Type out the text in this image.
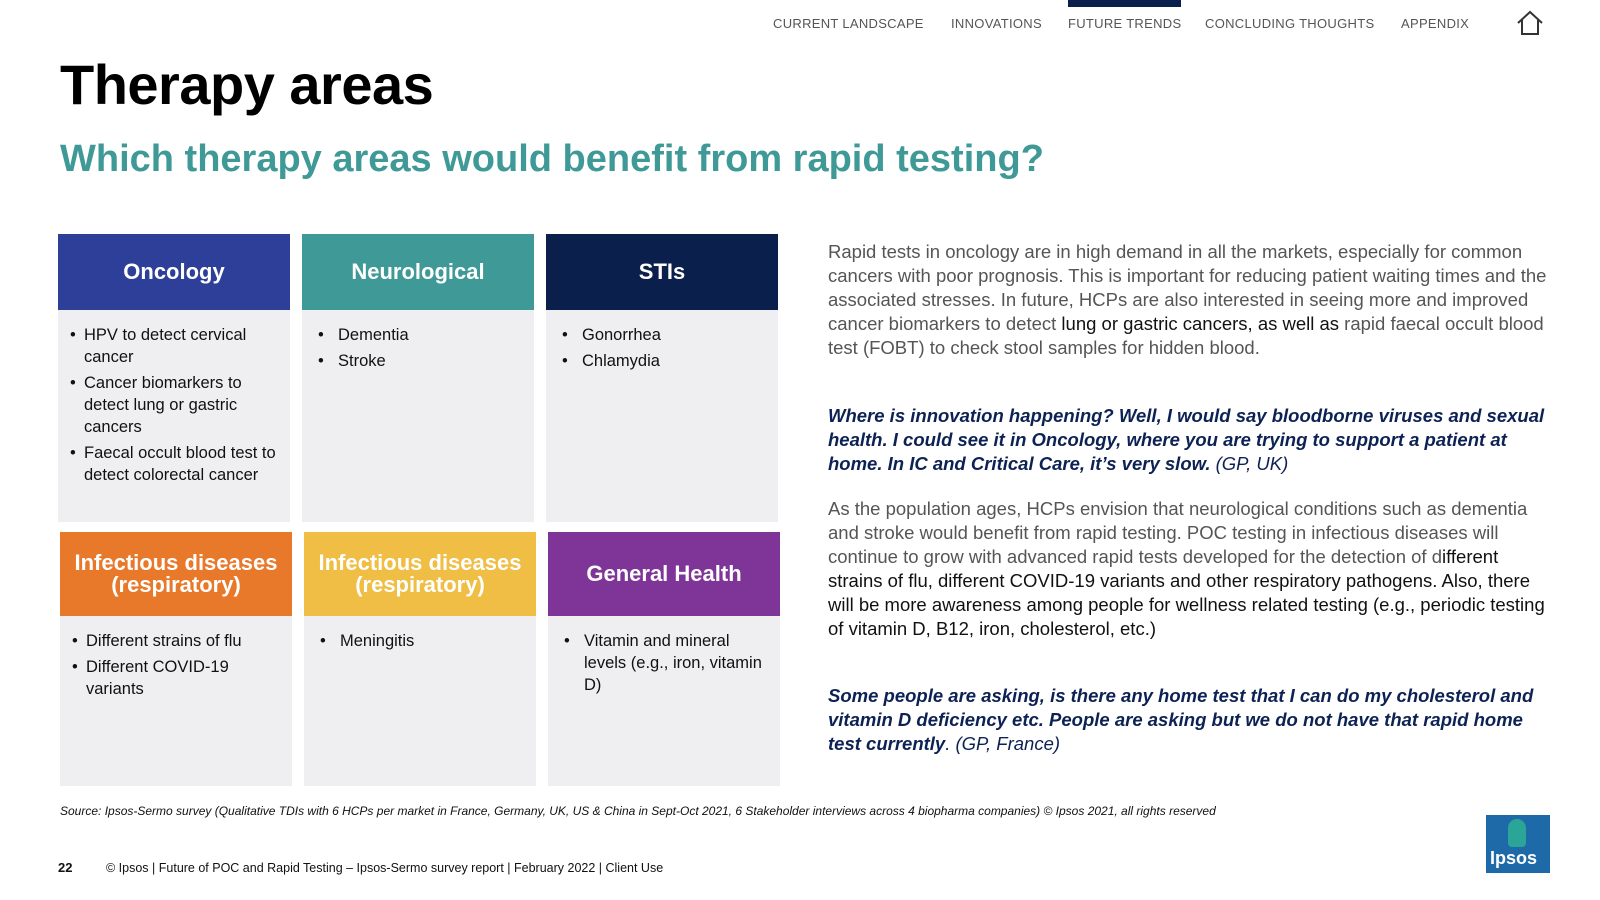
CURRENT LANDSCAPE INNOVATIONS FUTURE TRENDS CONCLUDING THOUGHTS APPENDIX
Therapy areas
Which therapy areas would benefit from rapid testing?
Oncology
• HPV to detect cervical cancer
• Cancer biomarkers to detect lung or gastric cancers
• Faecal occult blood test to detect colorectal cancer
Neurological
• Dementia
• Stroke
STIs
• Gonorrhea
• Chlamydia
Infectious diseases (respiratory)
• Different strains of flu
• Different COVID-19 variants
Infectious diseases (respiratory)
• Meningitis
General Health
• Vitamin and mineral levels (e.g., iron, vitamin D)

Rapid tests in oncology are in high demand in all the markets, especially for common cancers with poor prognosis. This is important for reducing patient waiting times and the associated stresses. In future, HCPs are also interested in seeing more and improved cancer biomarkers to detect lung or gastric cancers, as well as rapid faecal occult blood test (FOBT) to check stool samples for hidden blood.

Where is innovation happening? Well, I would say bloodborne viruses and sexual health. I could see it in Oncology, where you are trying to support a patient at home. In IC and Critical Care, it’s very slow. (GP, UK)

As the population ages, HCPs envision that neurological conditions such as dementia and stroke would benefit from rapid testing. POC testing in infectious diseases will continue to grow with advanced rapid tests developed for the detection of different strains of flu, different COVID-19 variants and other respiratory pathogens. Also, there will be more awareness among people for wellness related testing (e.g., periodic testing of vitamin D, B12, iron, cholesterol, etc.)

Some people are asking, is there any home test that I can do my cholesterol and vitamin D deficiency etc. People are asking but we do not have that rapid home test currently. (GP, France)

Source: Ipsos-Sermo survey (Qualitative TDIs with 6 HCPs per market in France, Germany, UK, US & China in Sept-Oct 2021, 6 Stakeholder interviews across 4 biopharma companies) © Ipsos 2021, all rights reserved
22	© Ipsos | Future of POC and Rapid Testing – Ipsos-Sermo survey report | February 2022 | Client Use	Ipsos
